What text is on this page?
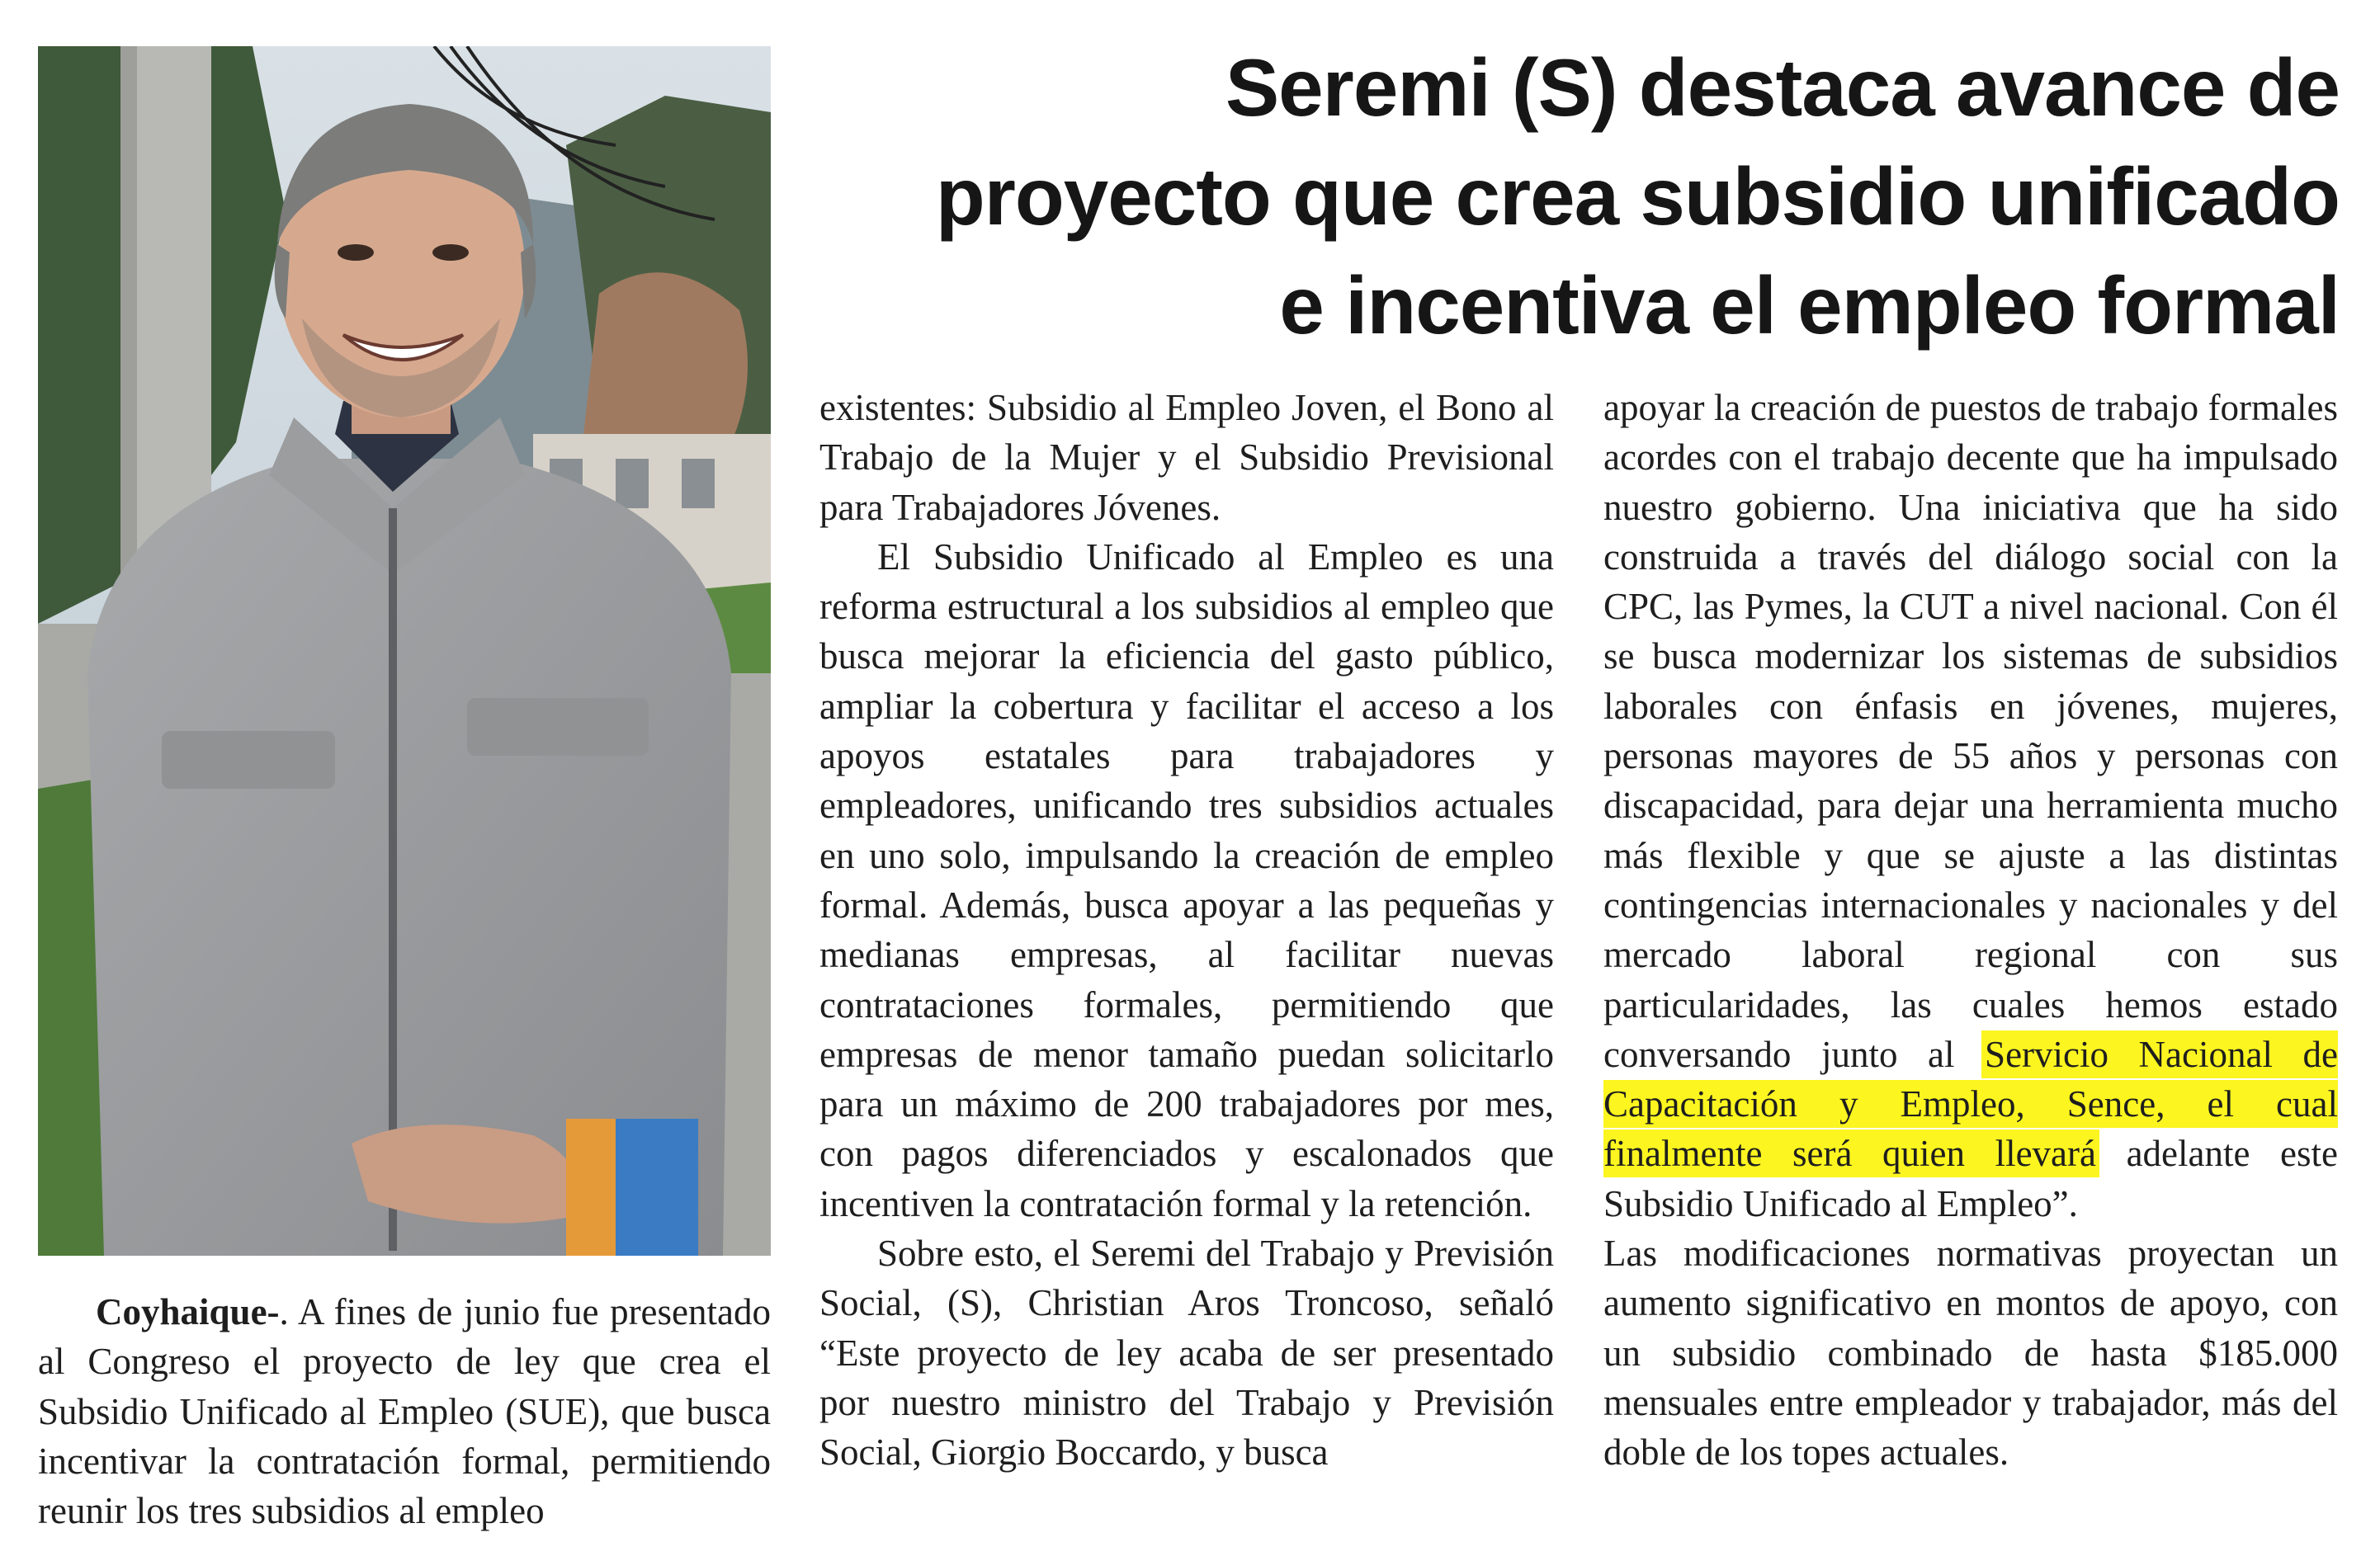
Seremi (S) destaca avance de
proyecto que crea subsidio unificado
e incentiva el empleo formal

Coyhaique-. A fines de junio fue presentado al Congreso el proyecto de ley que crea el Subsidio Unificado al Empleo (SUE), que busca incentivar la contratación formal, permitiendo reunir los tres subsidios al empleo

existentes: Subsidio al Empleo Joven, el Bono al Trabajo de la Mujer y el Subsidio Previsional para Trabajadores Jóvenes.

El Subsidio Unificado al Empleo es una reforma estructural a los subsidios al empleo que busca mejorar la eficiencia del gasto público, ampliar la cobertura y facilitar el acceso a los apoyos estatales para trabajadores y empleadores, unificando tres subsidios actuales en uno solo, impulsando la creación de empleo formal. Además, busca apoyar a las pequeñas y medianas empresas, al facilitar nuevas contrataciones formales, permitiendo que empresas de menor tamaño puedan solicitarlo para un máximo de 200 trabajadores por mes, con pagos diferenciados y escalonados que incentiven la contratación formal y la retención.

Sobre esto, el Seremi del Trabajo y Previsión Social, (S), Christian Aros Troncoso, señaló “Este proyecto de ley acaba de ser presentado por nuestro ministro del Trabajo y Previsión Social, Giorgio Boccardo, y busca

apoyar la creación de puestos de trabajo formales acordes con el trabajo decente que ha impulsado nuestro gobierno. Una iniciativa que ha sido construida a través del diálogo social con la CPC, las Pymes, la CUT a nivel nacional. Con él se busca modernizar los sistemas de subsidios laborales con énfasis en jóvenes, mujeres, personas mayores de 55 años y personas con discapacidad, para dejar una herramienta mucho más flexible y que se ajuste a las distintas contingencias internacionales y nacionales y del mercado laboral regional con sus particularidades, las cuales hemos estado conversando junto al Servicio Nacional de Capacitación y Empleo, Sence, el cual finalmente será quien llevará adelante este Subsidio Unificado al Empleo”.

Las modificaciones normativas proyectan un aumento significativo en montos de apoyo, con un subsidio combinado de hasta $185.000 mensuales entre empleador y trabajador, más del doble de los topes actuales.
